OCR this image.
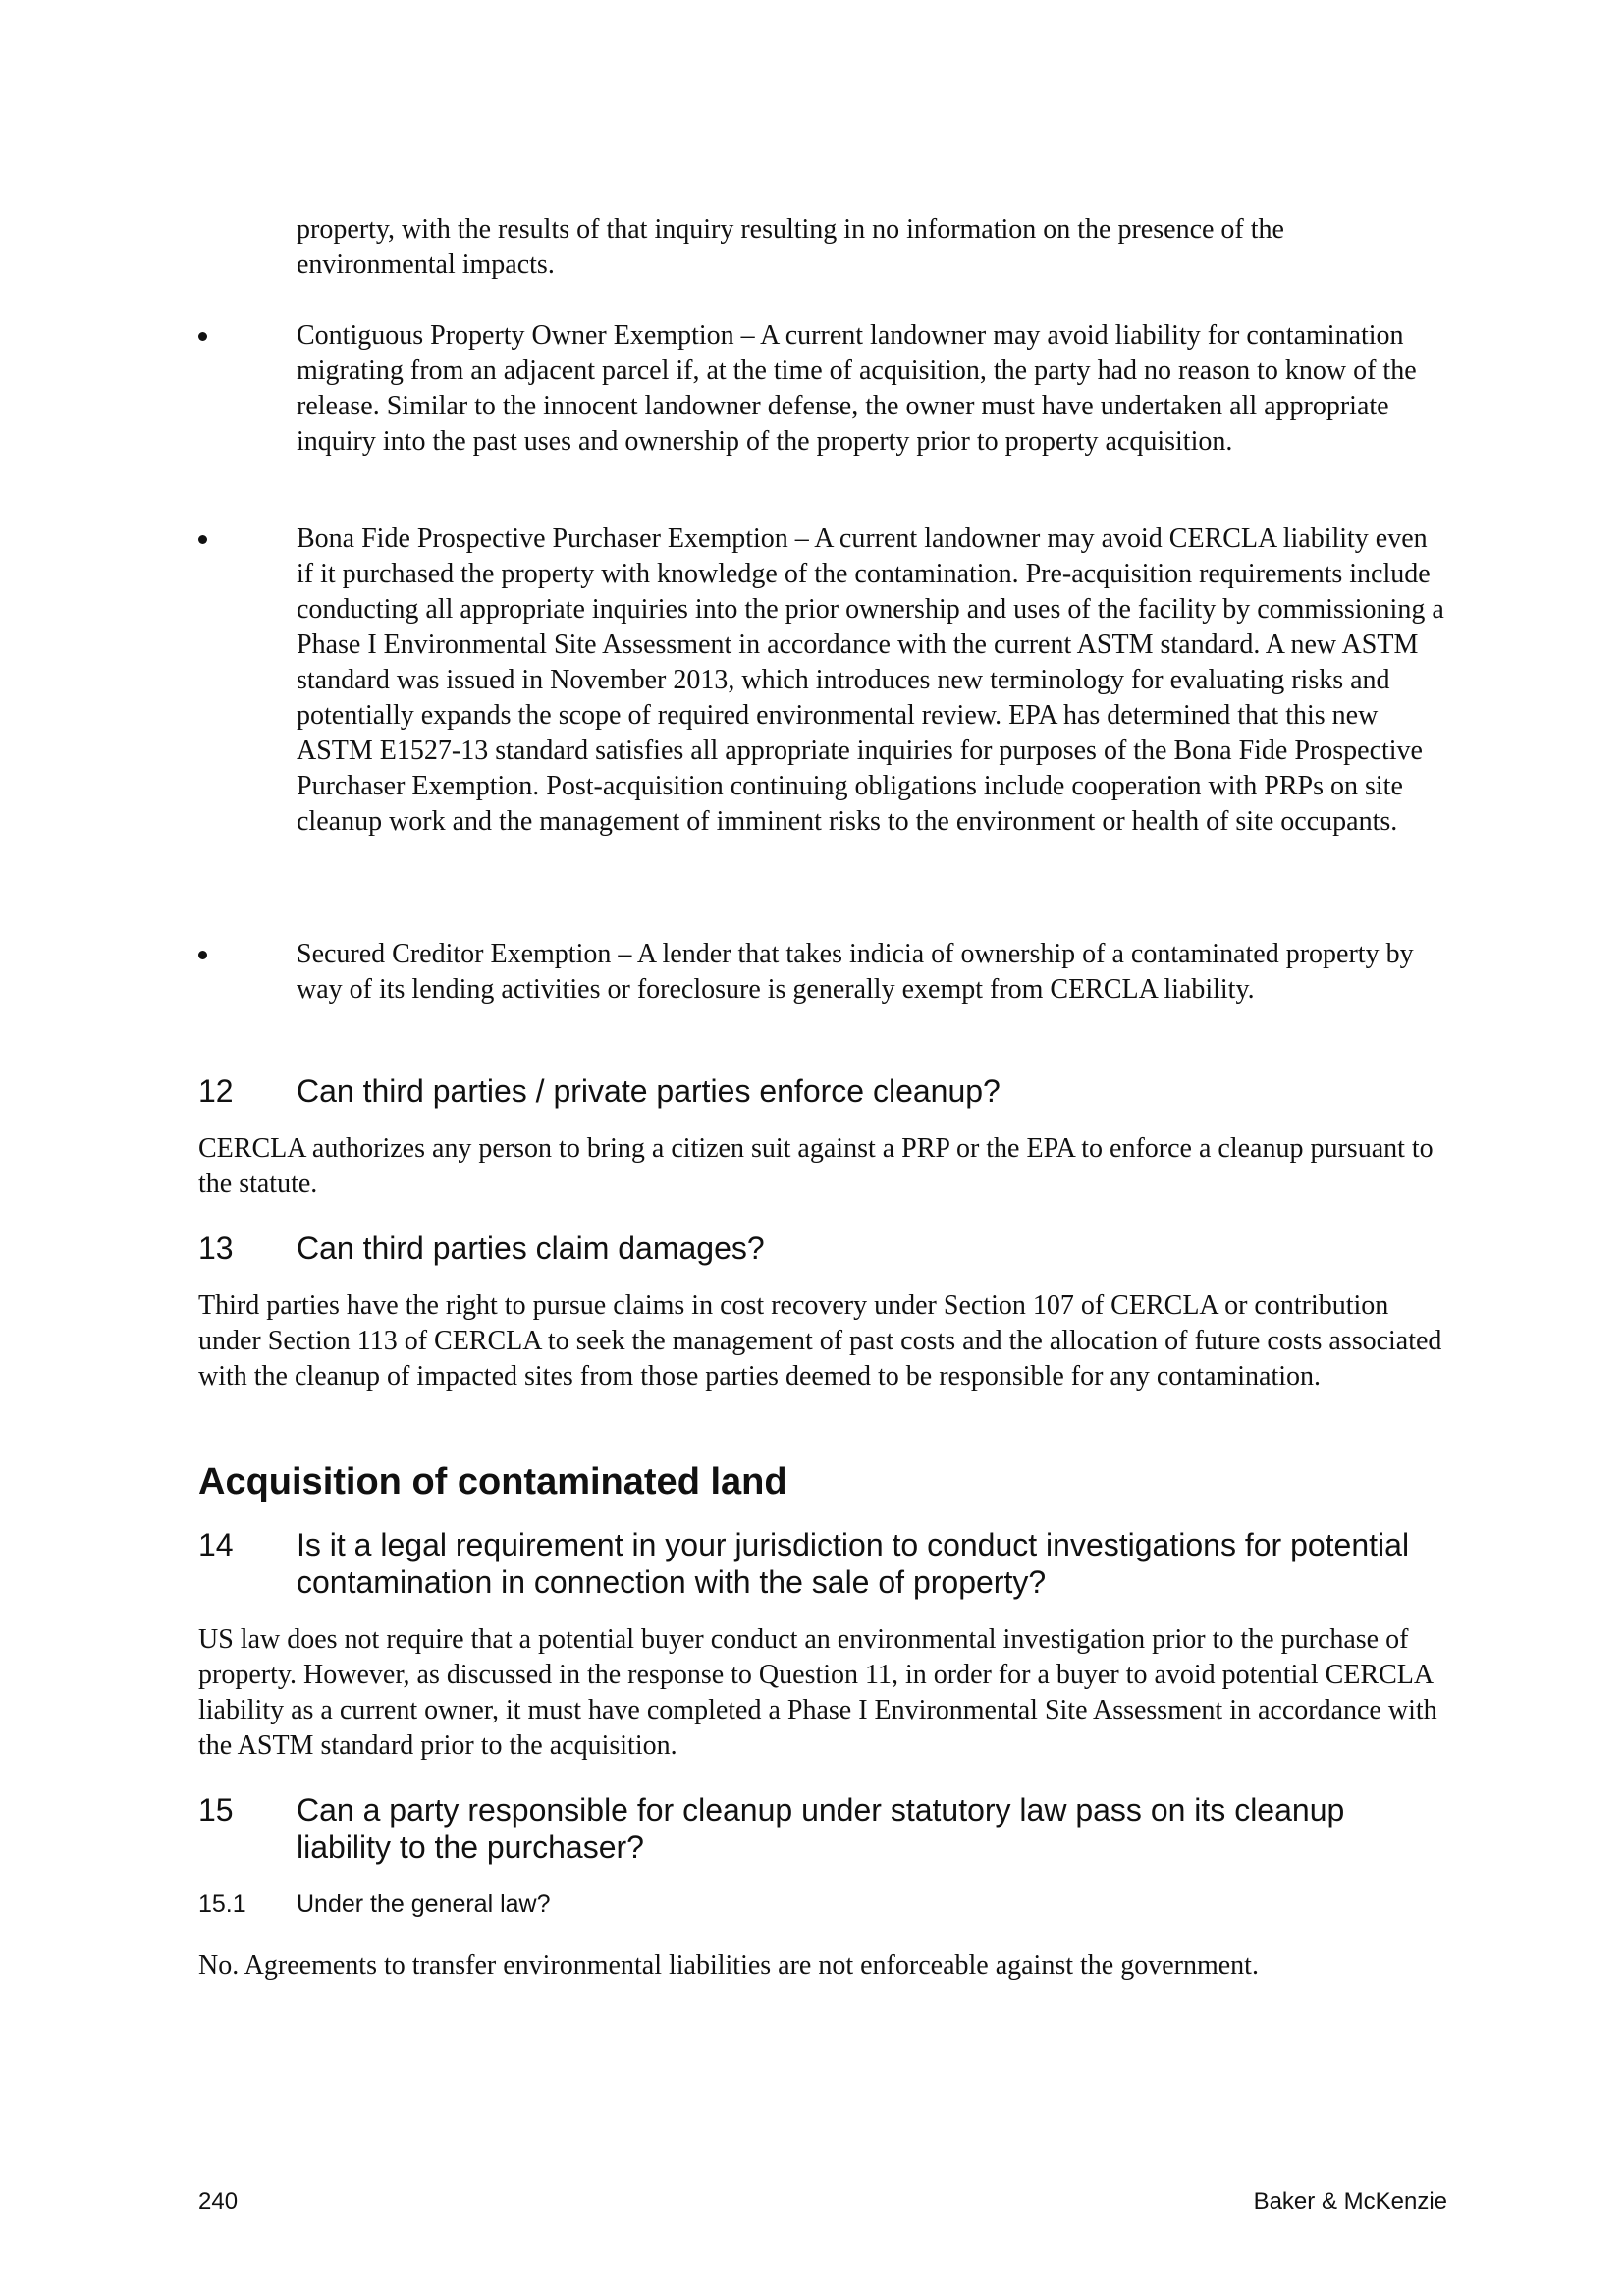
property, with the results of that inquiry resulting in no information on the presence of the environmental impacts.
Contiguous Property Owner Exemption – A current landowner may avoid liability for contamination migrating from an adjacent parcel if, at the time of acquisition, the party had no reason to know of the release. Similar to the innocent landowner defense, the owner must have undertaken all appropriate inquiry into the past uses and ownership of the property prior to property acquisition.
Bona Fide Prospective Purchaser Exemption – A current landowner may avoid CERCLA liability even if it purchased the property with knowledge of the contamination. Pre-acquisition requirements include conducting all appropriate inquiries into the prior ownership and uses of the facility by commissioning a Phase I Environmental Site Assessment in accordance with the current ASTM standard. A new ASTM standard was issued in November 2013, which introduces new terminology for evaluating risks and potentially expands the scope of required environmental review. EPA has determined that this new ASTM E1527-13 standard satisfies all appropriate inquiries for purposes of the Bona Fide Prospective Purchaser Exemption. Post-acquisition continuing obligations include cooperation with PRPs on site cleanup work and the management of imminent risks to the environment or health of site occupants.
Secured Creditor Exemption – A lender that takes indicia of ownership of a contaminated property by way of its lending activities or foreclosure is generally exempt from CERCLA liability.
12 Can third parties / private parties enforce cleanup?
CERCLA authorizes any person to bring a citizen suit against a PRP or the EPA to enforce a cleanup pursuant to the statute.
13 Can third parties claim damages?
Third parties have the right to pursue claims in cost recovery under Section 107 of CERCLA or contribution under Section 113 of CERCLA to seek the management of past costs and the allocation of future costs associated with the cleanup of impacted sites from those parties deemed to be responsible for any contamination.
Acquisition of contaminated land
14 Is it a legal requirement in your jurisdiction to conduct investigations for potential contamination in connection with the sale of property?
US law does not require that a potential buyer conduct an environmental investigation prior to the purchase of property. However, as discussed in the response to Question 11, in order for a buyer to avoid potential CERCLA liability as a current owner, it must have completed a Phase I Environmental Site Assessment in accordance with the ASTM standard prior to the acquisition.
15 Can a party responsible for cleanup under statutory law pass on its cleanup liability to the purchaser?
15.1 Under the general law?
No. Agreements to transfer environmental liabilities are not enforceable against the government.
240	Baker & McKenzie
